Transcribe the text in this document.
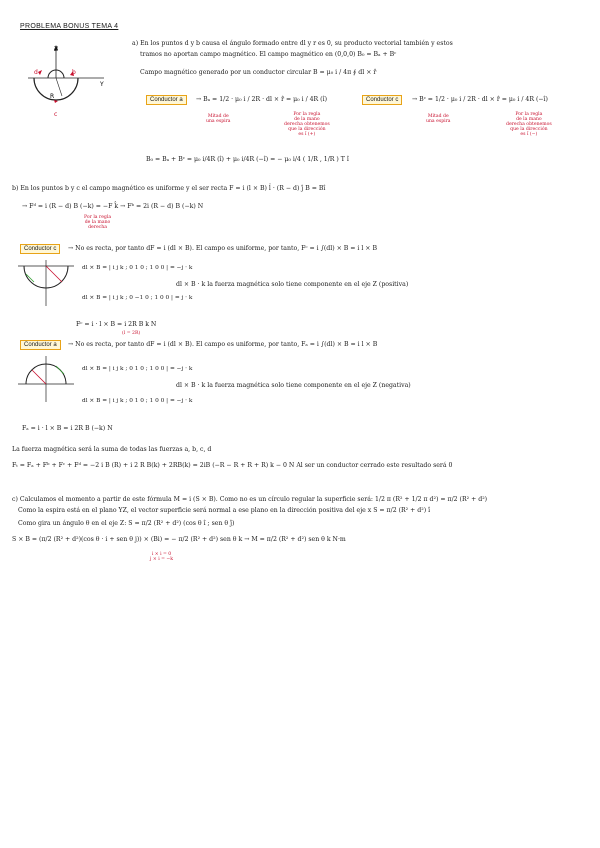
PROBLEMA BONUS TEMA 4
Z
Y
d	b
R
c
a) En los puntos d y b causa el ángulo formado entre dl y r es 0, su producto vectorial también y estos
tramos no aportan campo magnético. El campo magnético en (0,0,0) B₀ = Bₐ + Bᶜ
Campo magnético generado por un conductor circular B = μ₀ i / 4π ∮ dl × r̂
Conductor a	→ Bₐ = 1/2 · μ₀ i / 2R · dl × r̂ = μ₀ i / 4R (î)	Conductor c	→ Bᶜ = 1/2 · μ₀ i / 2R · dl × r̂ = μ₀ i / 4R (−î)
Mitad de
una espira
Por la regla
de la mano
derecha obtenemos
que la dirección
es î (+)
Mitad de
una espira
Por la regla
de la mano
derecha obtenemos
que la dirección
es î (−)
B₀ = Bₐ + Bᶜ = μ₀ i/4R (î) + μ₀ i/4R (−î) = − μ₀ i/4 ( 1/R , 1/R ) T î
b) En los puntos b y c el campo magnético es uniforme y el ser recta F = i (l × B) l̂ · (R − d) ĵ B = Bî
→ Fᵈ = i (R − d) B (−k) = −F k̂ → Fᵇ = 2i (R − d) B (−k) N
Por la regla
de la mano
derecha
Conductor c	→ No es recta, por tanto dF = i (dl × B). El campo es uniforme, por tanto, Fᶜ = i ∫(dl) × B = i l × B
dl × B = | i j k ; 0 1 0 ; 1 0 0 | = −j · k
dl × B = | i j k ; 0 −1 0 ; 1 0 0 | = j · k
dl × B · k la fuerza magnética solo tiene componente en el eje Z (positiva)
Fᶜ = i · l × B = i 2R B k N
(l = 2R)
Conductor a	→ No es recta, por tanto dF = i (dl × B). El campo es uniforme, por tanto, Fₐ = i ∫(dl) × B = i l × B
dl × B = | i j k ; 0 1 0 ; 1 0 0 | = −j · k
dl × B = | i j k ; 0 1 0 ; 1 0 0 | = −j · k
dl × B · k la fuerza magnética solo tiene componente en el eje Z (negativa)
Fₐ = i · l × B = i 2R B (−k) N
La fuerza magnética será la suma de todas las fuerzas a, b, c, d
Fₜ = Fₐ + Fᵇ + Fᶜ + Fᵈ = −2 i B (R) + i 2 R B(k) + 2RB(k) = 2iB (−R − R + R + R) k − 0 N Al ser un conductor cerrado este resultado será 0
c) Calculamos el momento a partir de este fórmula M = i (S × B). Como no es un círculo regular la superficie será: 1/2 π (R² + 1/2 π d²) = π/2 (R² + d²)
Como la espira está en el plano YZ, el vector superficie será normal a ese plano en la dirección positiva del eje x S = π/2 (R² + d²) î
Como gira un ángulo θ en el eje Z: S = π/2 (R² + d²) (cos θ î ; sen θ ĵ)
S × B = (π/2 (R² + d²)(cos θ · i + sen θ j)) × (Bi) = − π/2 (R² + d²) sen θ k → M = π/2 (R² + d²) sen θ k N·m
i × i = 0
j × i = −k
